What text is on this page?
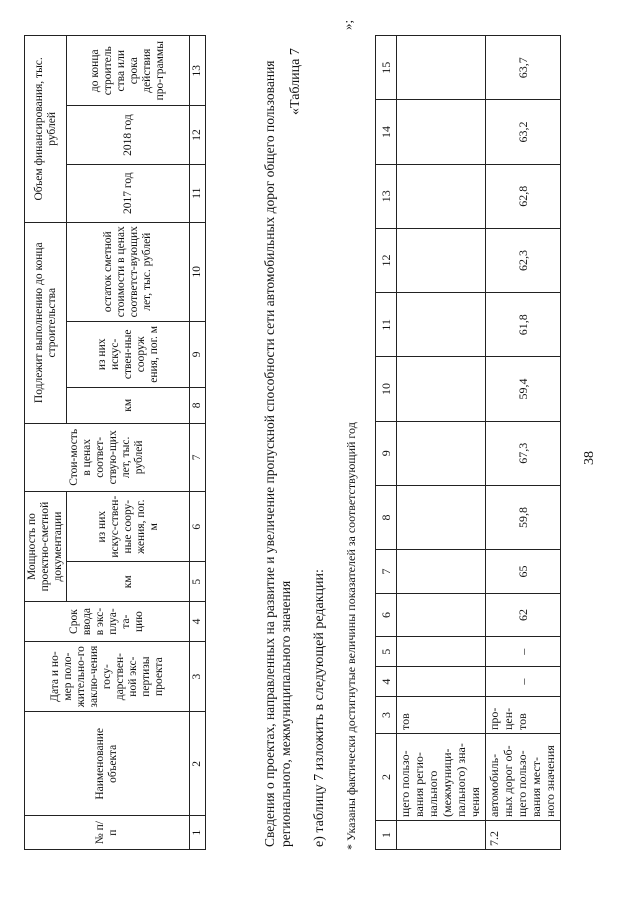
38
1	2	3	4	5	6	7	8	9	10	11	12	13	14	15
	щего пользо-вания регио-нального (межмуници-пального) зна-чения	тов												
7.2	автомобиль-ных дорог об-щего пользо-вания мест-ного значения	про-цен-тов	–	–	62	65	59,8	67,3	59,4	61,8	62,3	62,8	63,2	63,7
* Указаны фактически достигнутые величины показателей за соответствующий год
»;
е) таблицу 7 изложить в следующей редакции:
«Таблица 7
Сведения о проектах, направленных на развитие и увеличение пропускной способности сети автомобильных дорог общего пользования регионального, межмуниципального значения
№ п/п	Наименование объекта	Дата и но-мер поло-жительно-го заклю-чения госу-дарствен-ной экс-пертизы проекта	Срок ввода в экс-плуа-та-цию	Мощность по проектно-сметной документации		Стои-мость в ценах соответ-ствую-щих лет, тыс. рублей	Подлежит выполнению до конца строительства			Объем финансирования, тыс. рублей		
				км	из них искус-ствен-ные соору-жения, пог. м		км	из них искус-ствен-ные сооруж ения, пог. м	остаток сметной стоимости в ценах соответст-вующих лет, тыс. рублей	2017 год	2018 год	до конца строитель ства или срока действия про-граммы
1	2	3	4	5	6	7	8	9	10	11	12	13
